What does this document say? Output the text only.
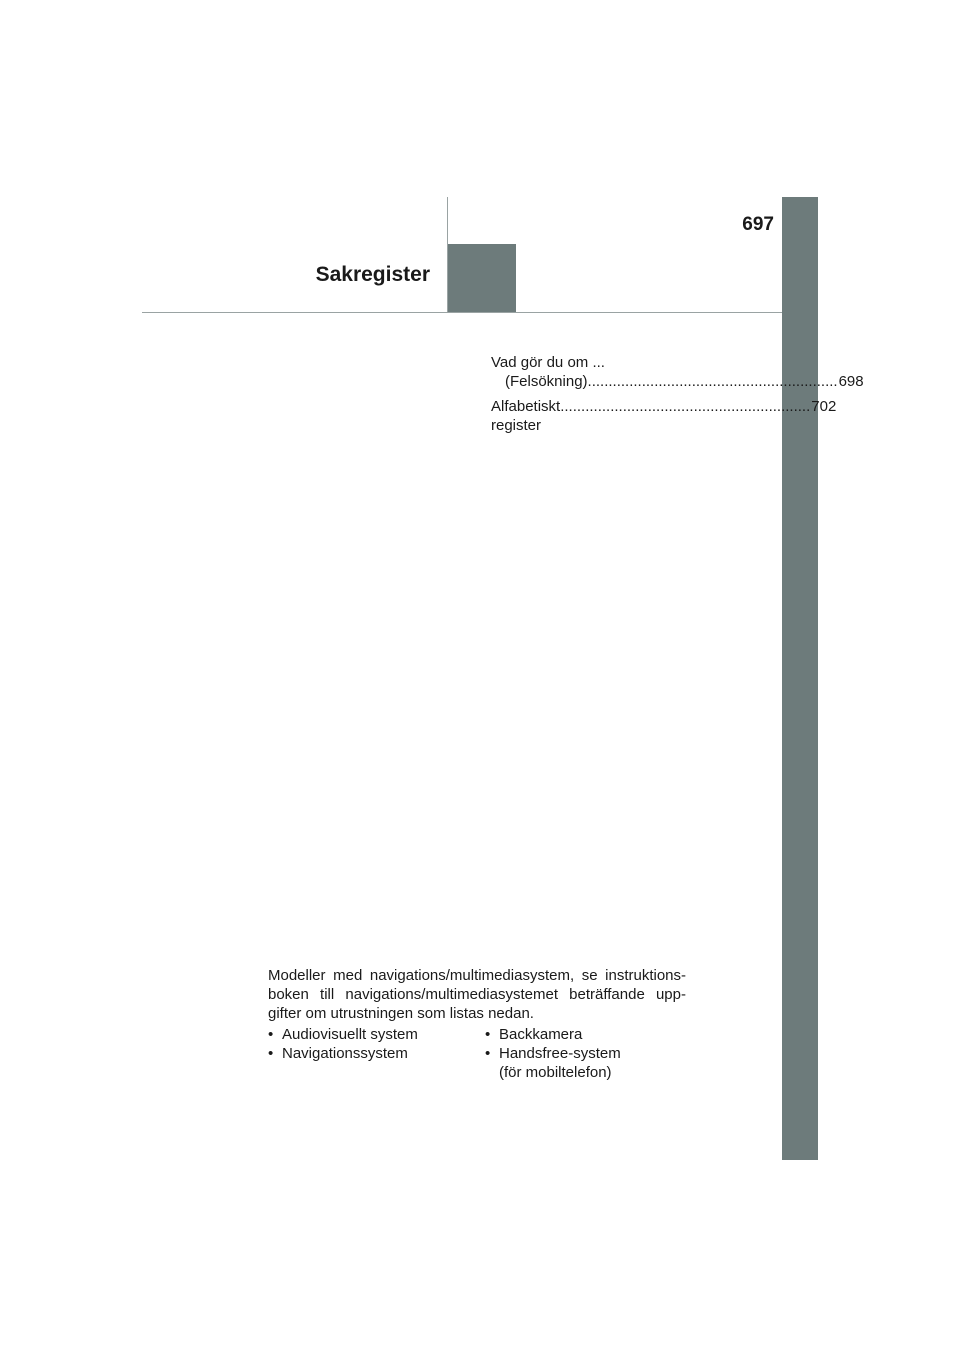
697
Sakregister
Vad gör du om ...
(Felsökning) ............................................................ 698
Alfabetiskt register
............................................................ 702
Modeller med navigations/multimediasystem, se instruktions-boken till navigations/multimediasystemet beträffande upp-gifter om utrustningen som listas nedan.
• Audiovisuellt system
• Navigationssystem
• Backkamera
• Handsfree-system
(för mobiltelefon)
